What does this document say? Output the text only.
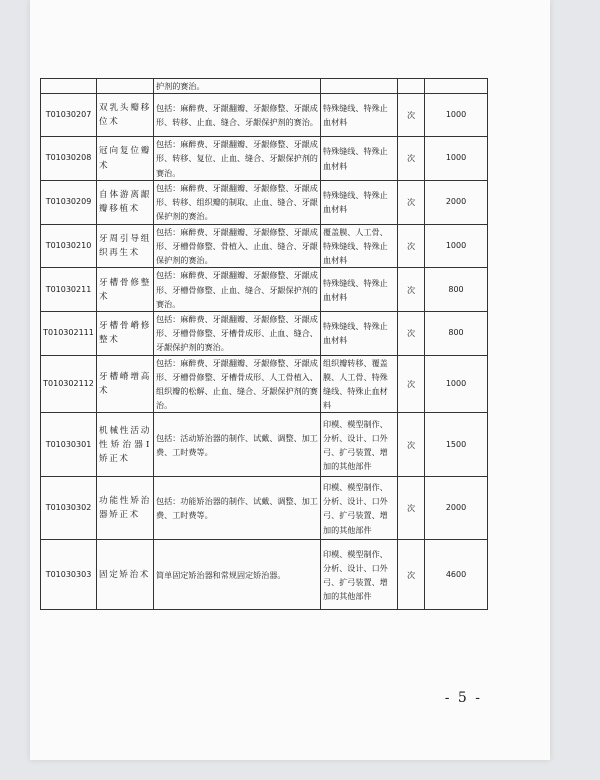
		护剂的赛治。			
T01030207	双乳头瓣移位术	包括：麻醉费、牙龈翻瓣、牙龈修整、牙龈成形、转移、止血、缝合、牙龈保护剂的赛治。	特殊缝线、特殊止血材料	次	1000
T01030208	冠向复位瓣术	包括：麻醉费、牙龈翻瓣、牙龈修整、牙龈成形、转移、复位、止血、缝合、牙龈保护剂的赛治。	特殊缝线、特殊止血材料	次	1000
T01030209	自体游离龈瓣移植术	包括：麻醉费、牙龈翻瓣、牙龈修整、牙龈成形、转移、组织瓣的制取、止血、缝合、牙龈保护剂的赛治。	特殊缝线、特殊止血材料	次	2000
T01030210	牙周引导组织再生术	包括：麻醉费、牙龈翻瓣、牙龈修整、牙龈成形、牙槽骨修整、骨植入、止血、缝合、牙龈保护剂的赛治。	覆盖膜、人工骨、特殊缝线、特殊止血材料	次	1000
T01030211	牙槽骨修整术	包括：麻醉费、牙龈翻瓣、牙龈修整、牙龈成形、牙槽骨修整、止血、缝合、牙龈保护剂的赛治。	特殊缝线、特殊止血材料	次	800
T010302111	牙槽骨嵴修整术	包括：麻醉费、牙龈翻瓣、牙龈修整、牙龈成形、牙槽骨修整、牙槽骨成形、止血、缝合、牙龈保护剂的赛治。	特殊缝线、特殊止血材料	次	800
T010302112	牙槽嵴增高术	包括：麻醉费、牙龈翻瓣、牙龈修整、牙龈成形、牙槽骨修整、牙槽骨成形、人工骨植入、组织瓣的松解、止血、缝合、牙龈保护剂的赛治。	组织瓣转移、覆盖膜、人工骨、特殊缝线、特殊止血材料	次	1000
T01030301	机械性活动性矫治器Ⅰ矫正术	包括：活动矫治器的制作、试戴、调整、加工费、工时费等。	印模、模型制作、分析、设计、口外弓、扩弓装置、增加的其他部件	次	1500
T01030302	功能性矫治器矫正术	包括：功能矫治器的制作、试戴、调整、加工费、工时费等。	印模、模型制作、分析、设计、口外弓、扩弓装置、增加的其他部件	次	2000
T01030303	固定矫治术	简单固定矫治器和常规固定矫治器。	印模、模型制作、分析、设计、口外弓、扩弓装置、增加的其他部件	次	4600
- 5 -
